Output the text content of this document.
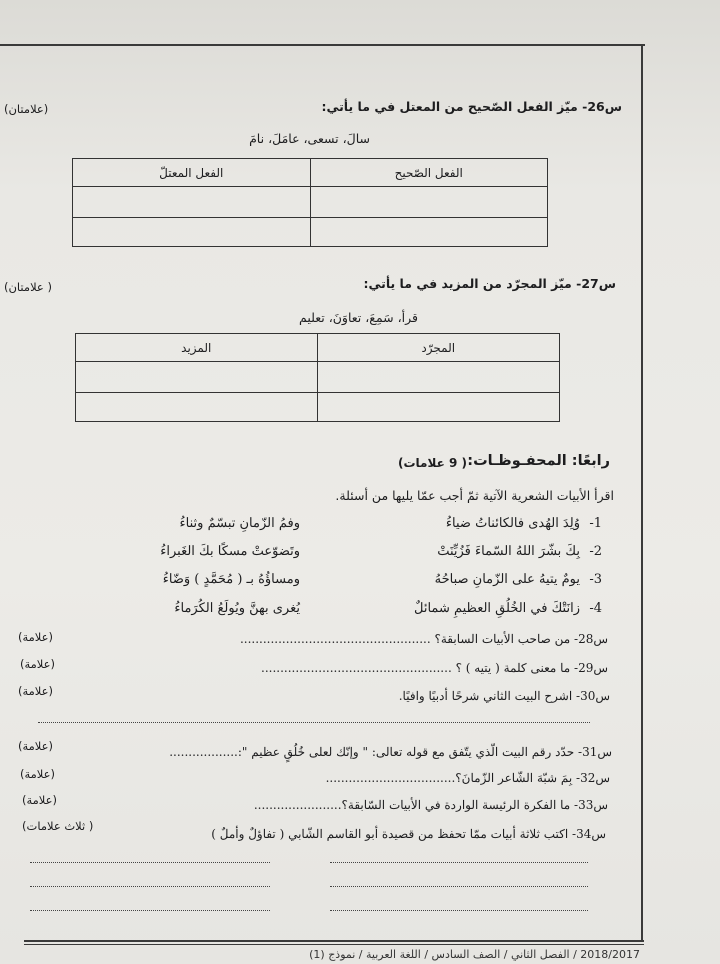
س26- ميّز الفعل الصّحيح من المعتل في ما يأتي:
(علامتان)
سالَ، تسعى، عامَلَ، نامَ
الفعل الصّحيح	الفعل المعتلّ

س27- ميّز المجرّد من المزيد في ما يأتي:
( علامتان)
قرأ، سَمِعَ، تعاوَنَ، تعليم
المجرّد	المزيد

رابعًا: المحفـوظـات:
( 9 علامات)
اقرأ الأبيات الشعرية الآتية ثمّ أجب عمّا يليها من أسئلة.
1-
وُلِدَ الهُدى فالكائناتُ ضياءُ
وفمُ الزّمانِ تبسّمٌ وثناءُ
2-
بِكَ بشّرَ اللهُ السّماءَ فَزُيِّنَتْ
وتَضوّعتْ مسكًا بكَ الغَبراءُ
3-
يومٌ يتيهُ على الزّمانِ صباحُهُ
ومساؤُهُ بـ ( مُحَمَّدٍ ) وَضّاءُ
4-
زانَتْكَ في الخُلُقِ العظيمِ شمائلٌ
يُغرى بهنَّ ويُولَعُ الكُرَماءُ
س28- من صاحب الأبيات السابقة؟ ..................................................
(علامة)
س29- ما معنى كلمة ( يتيه ) ؟ ..................................................
(علامة)
س30- اشرح البيت الثاني شرحًا أدبيًا وافيًا.
(علامة)
س31- حدّد رقم البيت الّذي يتّفق مع قوله تعالى: " وإنّك لعلى خُلُقٍ عظيم ":..................
(علامة)
س32- بِمَ شبّهَ الشّاعر الزّمانَ؟..................................
(علامة)
س33- ما الفكرة الرئيسة الواردة في الأبيات السّابقة؟.......................
(علامة)
س34- اكتب ثلاثة أبيات ممّا تحفظ من قصيدة أبو القاسم الشّابي ( تفاؤلٌ وأملٌ )
( ثلاث علامات)
2018/2017 / الفصل الثاني / الصف السادس / اللغة العربية / نموذج (1)
